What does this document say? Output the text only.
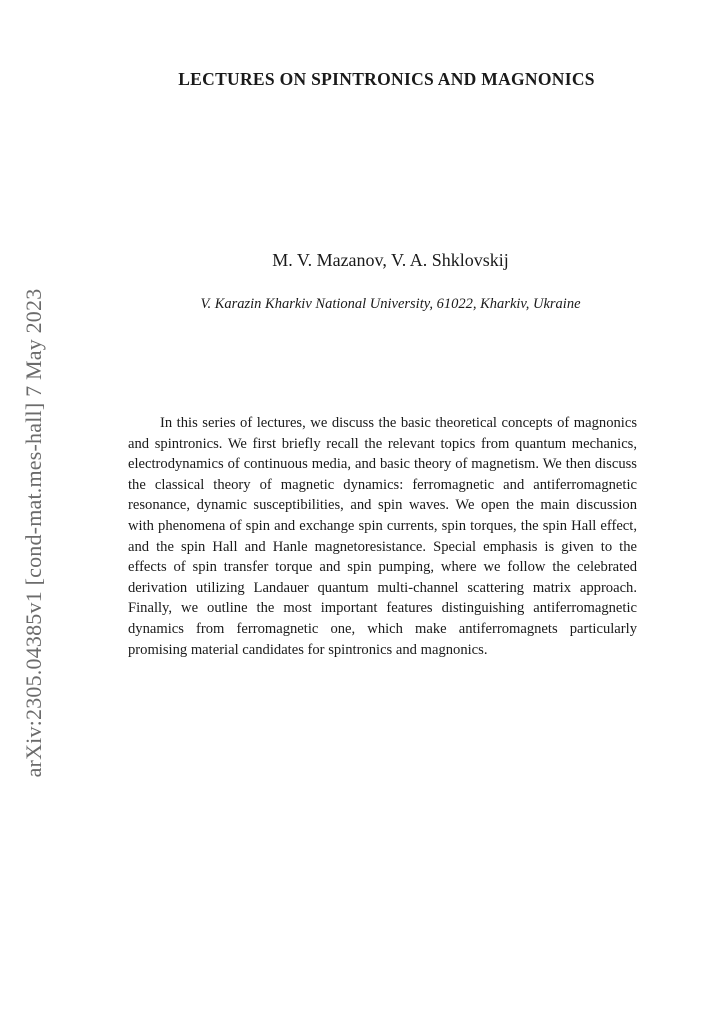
arXiv:2305.04385v1 [cond-mat.mes-hall] 7 May 2023
LECTURES ON SPINTRONICS AND MAGNONICS
M. V. Mazanov, V. A. Shklovskij
V. Karazin Kharkiv National University, 61022, Kharkiv, Ukraine

In this series of lectures, we discuss the basic theoretical concepts of magnonics and spintronics. We first briefly recall the relevant topics from quantum mechanics, electrodynamics of continuous media, and basic theory of magnetism. We then discuss the classical theory of magnetic dynamics: ferromagnetic and antiferromagnetic resonance, dynamic susceptibilities, and spin waves. We open the main discussion with phenomena of spin and exchange spin currents, spin torques, the spin Hall effect, and the spin Hall and Hanle magnetoresistance. Special emphasis is given to the effects of spin transfer torque and spin pumping, where we follow the celebrated derivation utilizing Landauer quantum multi-channel scattering matrix approach. Finally, we outline the most important features distinguishing antiferromagnetic dynamics from ferromagnetic one, which make antiferromagnets particularly promising material candidates for spintronics and magnonics.
